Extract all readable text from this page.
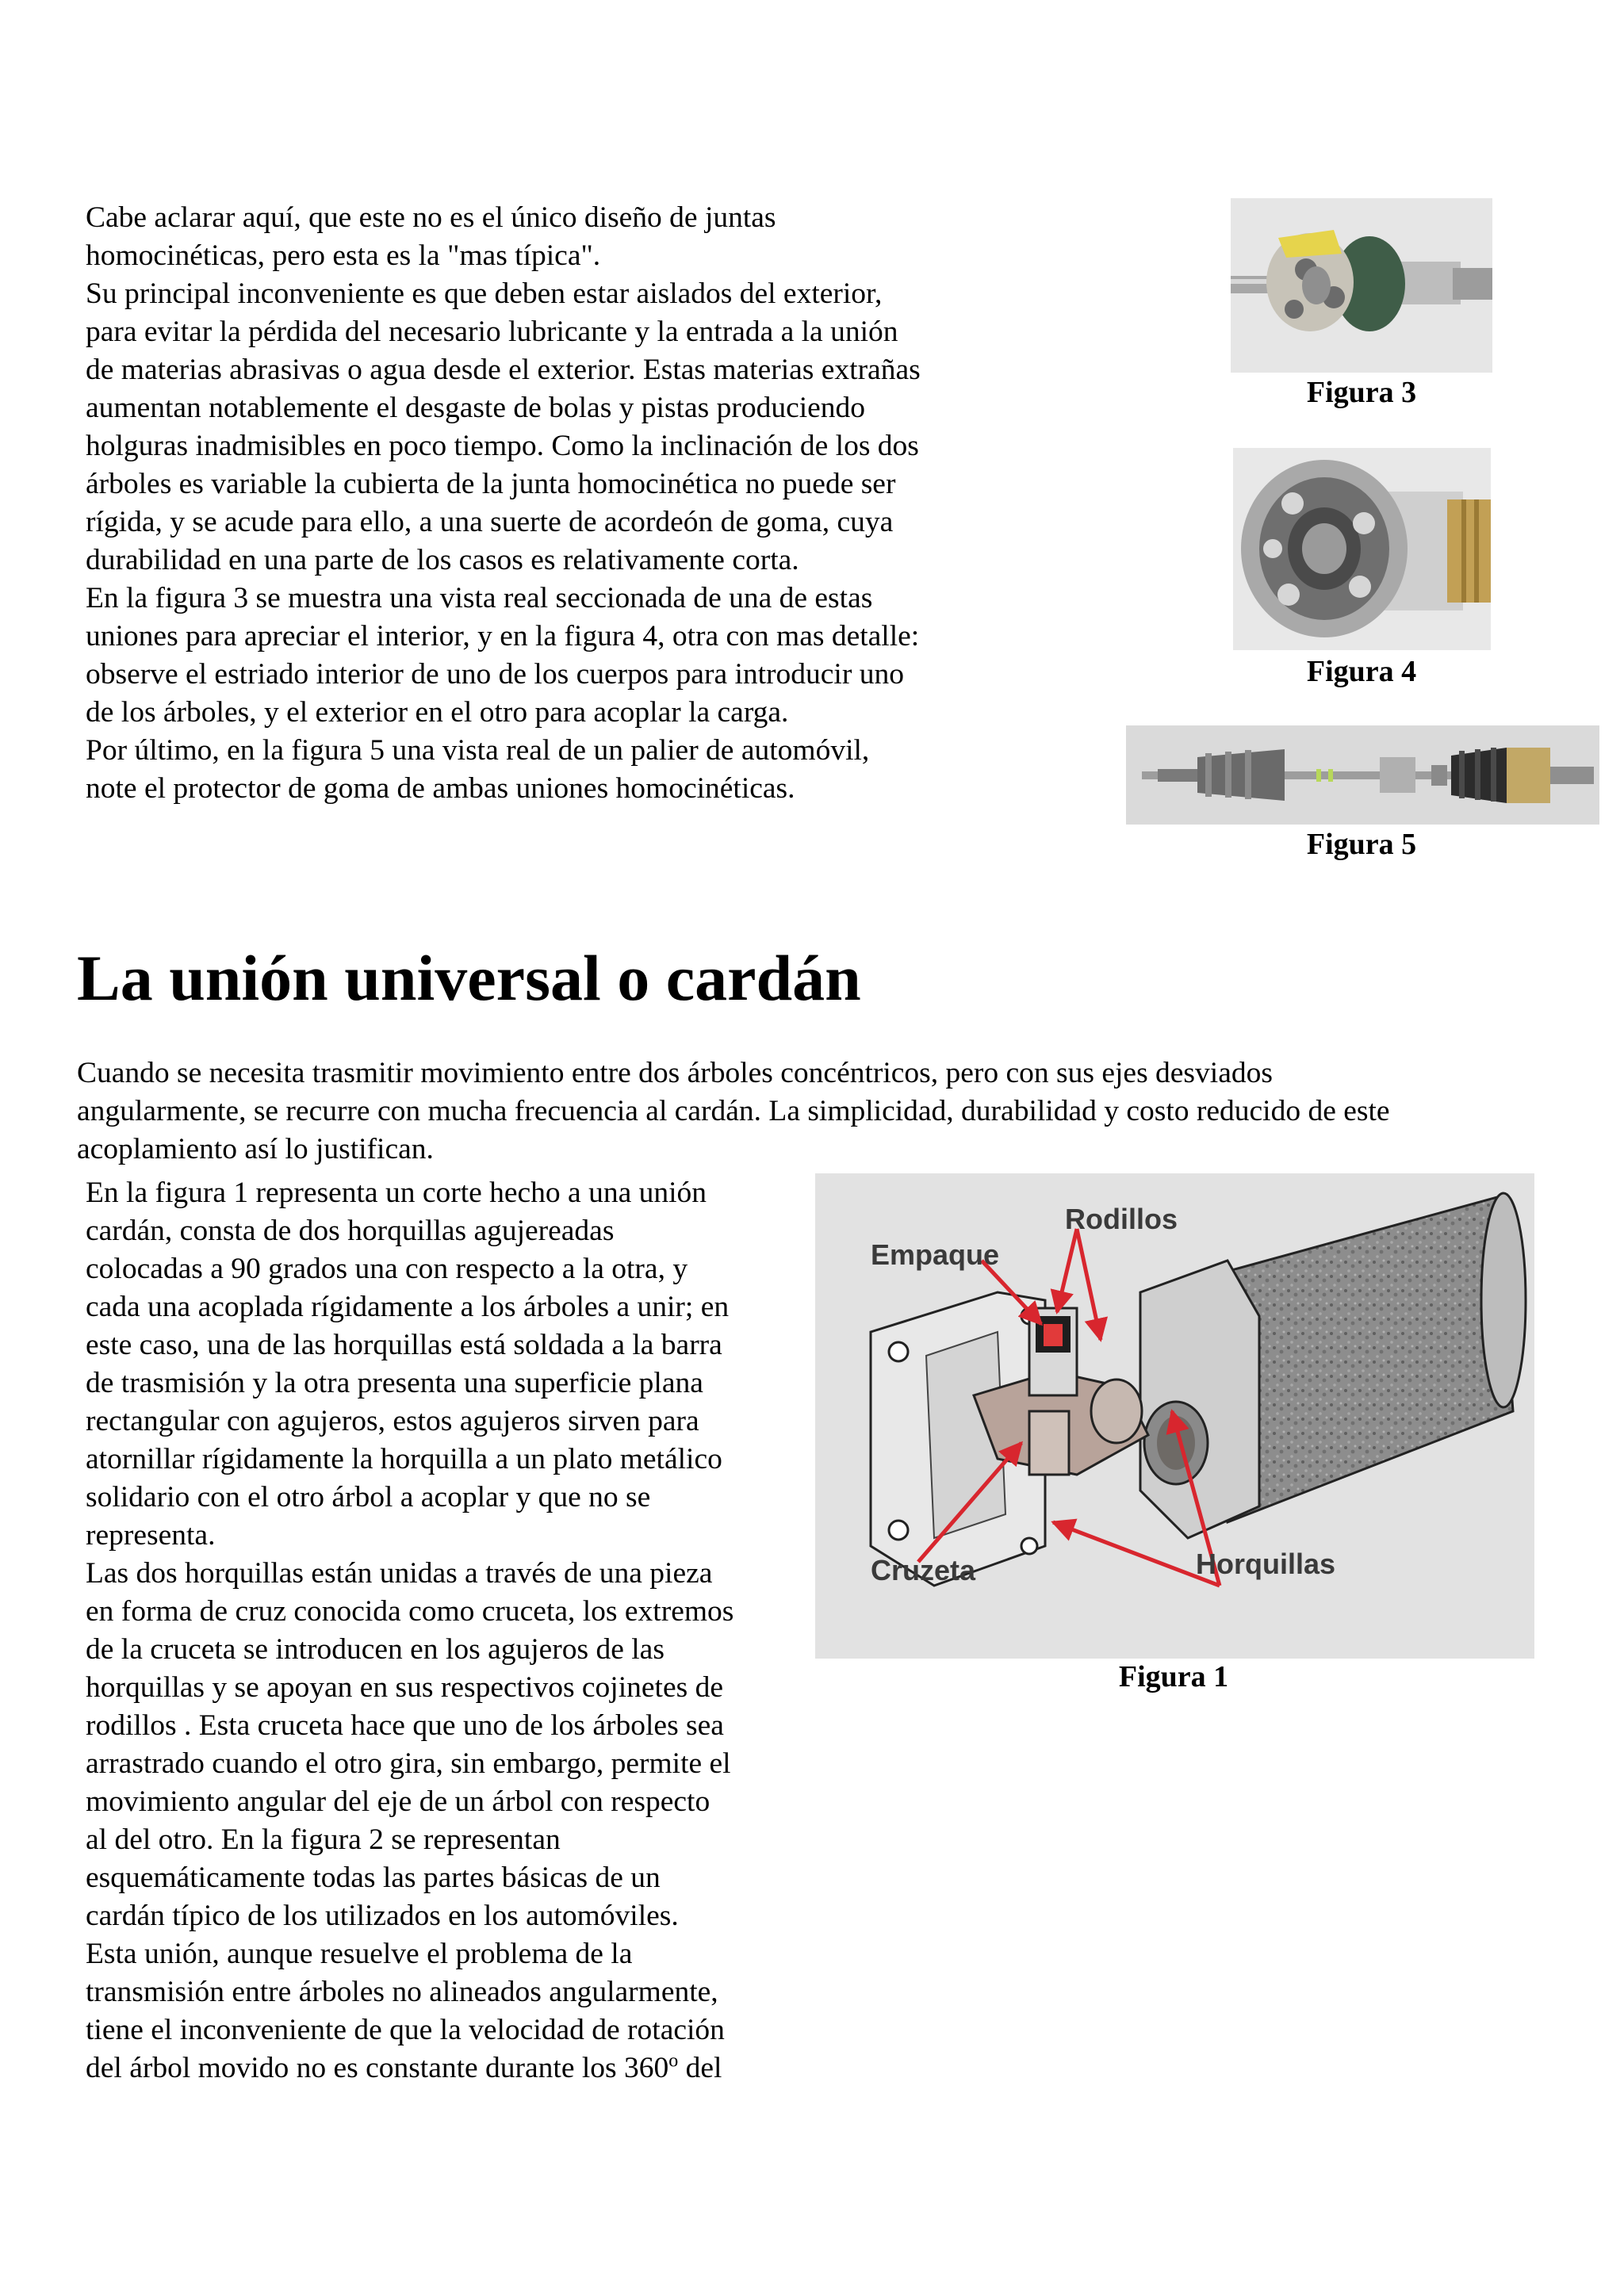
Cabe aclarar aquí, que este no es el único diseño de juntas
homocinéticas, pero esta es la "mas típica".
Su principal inconveniente es que deben estar aislados del exterior,
para evitar la pérdida del necesario lubricante y la entrada a la unión
de materias abrasivas o agua desde el exterior. Estas materias extrañas
aumentan notablemente el desgaste de bolas y pistas produciendo
holguras inadmisibles en poco tiempo. Como la inclinación de los dos
árboles es variable la cubierta de la junta homocinética no puede ser
rígida, y se acude para ello, a una suerte de acordeón de goma, cuya
durabilidad en una parte de los casos es relativamente corta.
En la figura 3 se muestra una vista real seccionada de una de estas
uniones para apreciar el interior, y en la figura 4, otra con mas detalle:
observe el estriado interior de uno de los cuerpos para introducir uno
de los árboles, y el exterior en el otro para acoplar la carga.
Por último, en la figura 5 una vista real de un palier de automóvil,
note el protector de goma de ambas uniones homocinéticas.
Figura 3
Figura 4
Figura 5
La unión universal o cardán
Cuando se necesita trasmitir movimiento entre dos árboles concéntricos, pero con sus ejes desviados
angularmente, se recurre con mucha frecuencia al cardán. La simplicidad, durabilidad y costo reducido de este
acoplamiento así lo justifican.
En la figura 1 representa un corte hecho a una unión
cardán, consta de dos horquillas agujereadas
colocadas a 90 grados una con respecto a la otra, y
cada una acoplada rígidamente a los árboles a unir; en
este caso, una de las horquillas está soldada a la barra
de trasmisión y la otra presenta una superficie plana
rectangular con agujeros, estos agujeros sirven para
atornillar rígidamente la horquilla a un plato metálico
solidario con el otro árbol a acoplar y que no se
representa.
Las dos horquillas están unidas a través de una pieza
en forma de cruz conocida como cruceta, los extremos
de la cruceta se introducen en los agujeros de las
horquillas y se apoyan en sus respectivos cojinetes de
rodillos . Esta cruceta hace que uno de los árboles sea
arrastrado cuando el otro gira, sin embargo, permite el
movimiento angular del eje de un árbol con respecto
al del otro. En la figura 2 se representan
esquemáticamente todas las partes básicas de un
cardán típico de los utilizados en los automóviles.
Esta unión, aunque resuelve el problema de la
transmisión entre árboles no alineados angularmente,
tiene el inconveniente de que la velocidad de rotación
del árbol movido no es constante durante los 360$^o$ del
Rodillos
Empaque
Cruzeta	Horquillas
Figura 1
